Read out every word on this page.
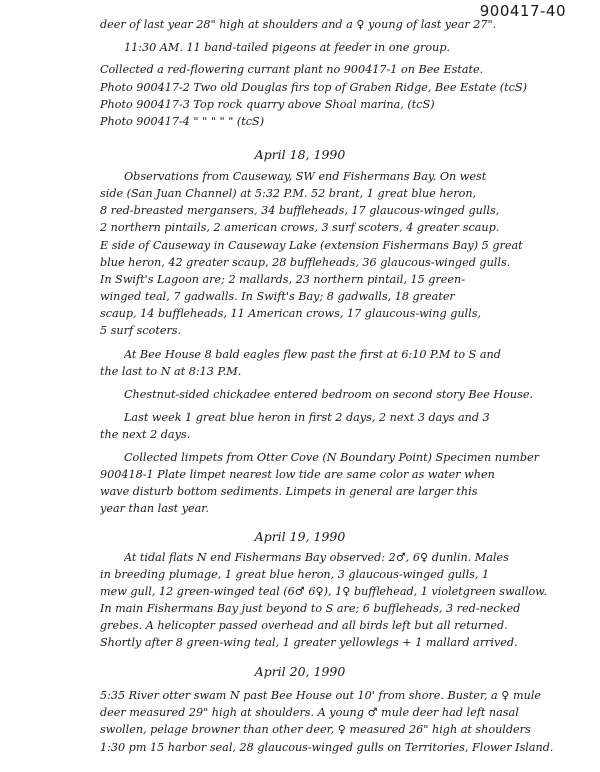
900417-40
deer of last year 28" high at shoulders and a ♀ young of last year 27".
11:30 AM. 11 band-tailed pigeons at feeder in one group.
Collected a red-flowering currant plant no 900417-1 on Bee Estate.
Photo 900417-2 Two old Douglas firs top of Graben Ridge, Bee Estate (tcS)
Photo 900417-3 Top rock quarry above Shoal marina, (tcS)
Photo 900417-4 " " " " " (tcS)
April 18, 1990
Observations from Causeway, SW end Fishermans Bay. On west
side (San Juan Channel) at 5:32 P.M. 52 brant, 1 great blue heron,
8 red-breasted mergansers, 34 buffleheads, 17 glaucous-winged gulls,
2 northern pintails, 2 american crows, 3 surf scoters, 4 greater scaup.
E side of Causeway in Causeway Lake (extension Fishermans Bay) 5 great
blue heron, 42 greater scaup, 28 buffleheads, 36 glaucous-winged gulls.
In Swift's Lagoon are; 2 mallards, 23 northern pintail, 15 green-
winged teal, 7 gadwalls. In Swift's Bay; 8 gadwalls, 18 greater
scaup, 14 buffleheads, 11 American crows, 17 glaucous-wing gulls,
5 surf scoters.
At Bee House 8 bald eagles flew past the first at 6:10 P.M to S and
the last to N at 8:13 P.M.
Chestnut-sided chickadee entered bedroom on second story Bee House.
Last week 1 great blue heron in first 2 days, 2 next 3 days and 3
the next 2 days.
Collected limpets from Otter Cove (N Boundary Point) Specimen number
900418-1 Plate limpet nearest low tide are same color as water when
wave disturb bottom sediments. Limpets in general are larger this
year than last year.
April 19, 1990
At tidal flats N end Fishermans Bay observed: 2♂, 6♀ dunlin. Males
in breeding plumage, 1 great blue heron, 3 glaucous-winged gulls, 1
mew gull, 12 green-winged teal (6♂ 6♀), 1♀ bufflehead, 1 violetgreen swallow.
In main Fishermans Bay just beyond to S are; 6 buffleheads, 3 red-necked
grebes. A helicopter passed overhead and all birds left but all returned.
Shortly after 8 green-wing teal, 1 greater yellowlegs + 1 mallard arrived.
April 20, 1990
5:35 River otter swam N past Bee House out 10' from shore. Buster, a ♀ mule
deer measured 29" high at shoulders. A young ♂ mule deer had left nasal
swollen, pelage browner than other deer, ♀ measured 26" high at shoulders
1:30 pm 15 harbor seal, 28 glaucous-winged gulls on Territories, Flower Island.
